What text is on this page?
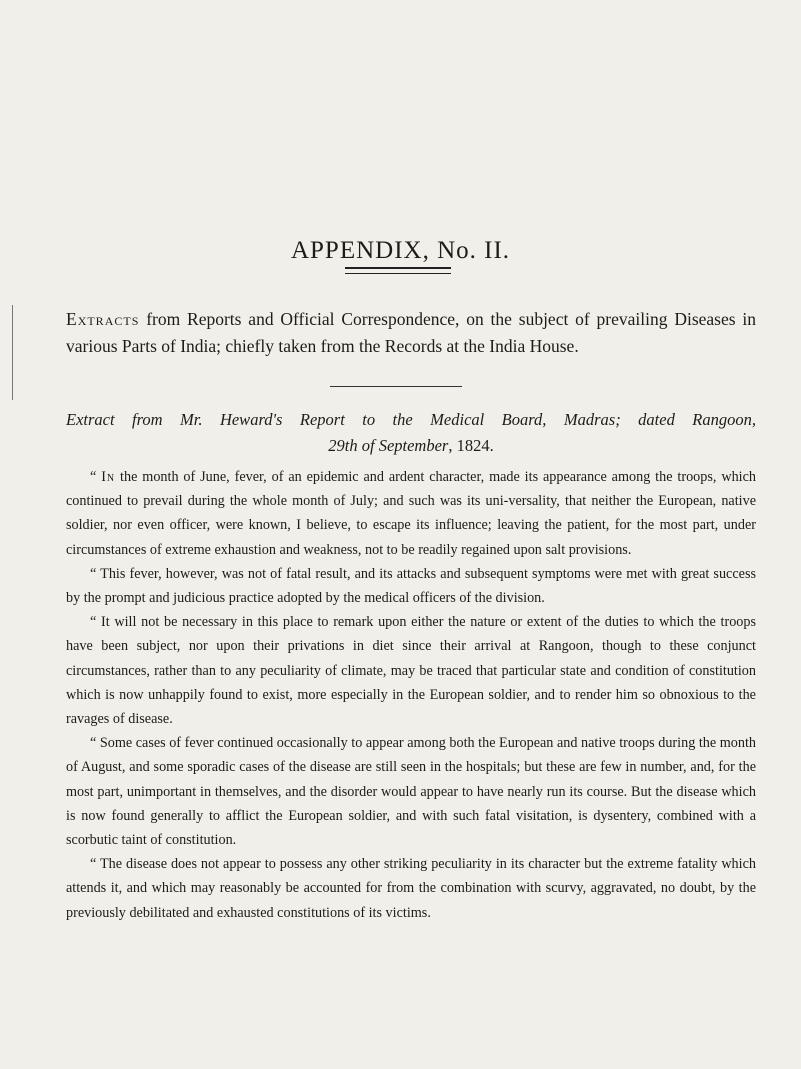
APPENDIX, No. II.
Extracts from Reports and Official Correspondence, on the subject of prevailing Diseases in various Parts of India; chiefly taken from the Records at the India House.
Extract from Mr. Heward's Report to the Medical Board, Madras; dated Rangoon,
29th of September, 1824.

“ In the month of June, fever, of an epidemic and ardent character, made its appearance among the troops, which continued to prevail during the whole month of July; and such was its uni-versality, that neither the European, native soldier, nor even officer, were known, I believe, to escape its influence; leaving the patient, for the most part, under circumstances of extreme exhaustion and weakness, not to be readily regained upon salt provisions.

“ This fever, however, was not of fatal result, and its attacks and subsequent symptoms were met with great success by the prompt and judicious practice adopted by the medical officers of the division.

“ It will not be necessary in this place to remark upon either the nature or extent of the duties to which the troops have been subject, nor upon their privations in diet since their arrival at Rangoon, though to these conjunct circumstances, rather than to any peculiarity of climate, may be traced that particular state and condition of constitution which is now unhappily found to exist, more especially in the European soldier, and to render him so obnoxious to the ravages of disease.

“ Some cases of fever continued occasionally to appear among both the European and native troops during the month of August, and some sporadic cases of the disease are still seen in the hospitals; but these are few in number, and, for the most part, unimportant in themselves, and the disorder would appear to have nearly run its course. But the disease which is now found generally to afflict the European soldier, and with such fatal visitation, is dysentery, combined with a scorbutic taint of constitution.

“ The disease does not appear to possess any other striking peculiarity in its character but the extreme fatality which attends it, and which may reasonably be accounted for from the combination with scurvy, aggravated, no doubt, by the previously debilitated and exhausted constitutions of its victims.
